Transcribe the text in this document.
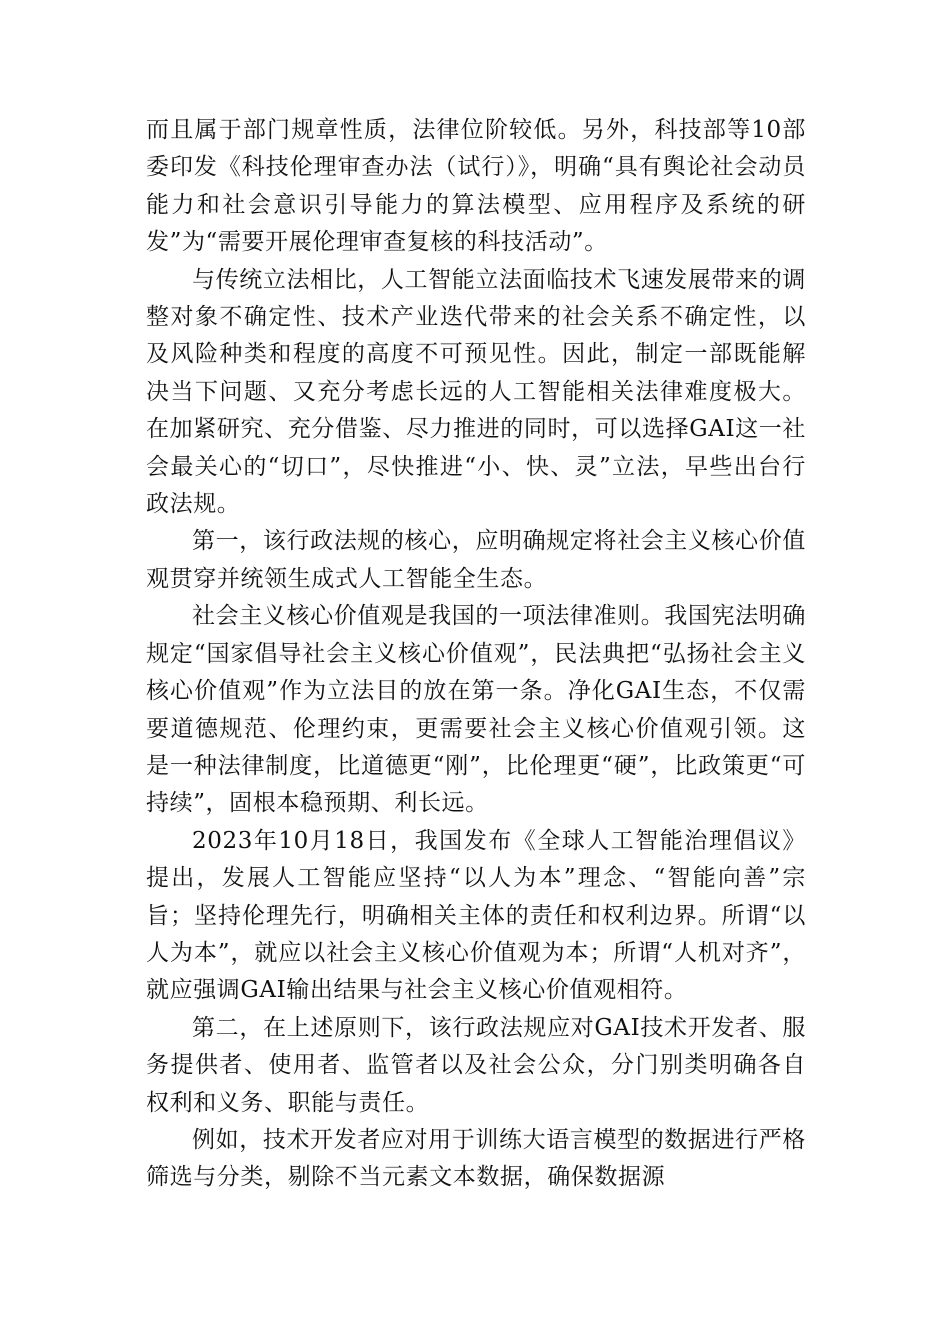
而且属于部门规章性质，法律位阶较低。另外，科技部等10部委印发《科技伦理审查办法（试行）》，明确“具有舆论社会动员能力和社会意识引导能力的算法模型、应用程序及系统的研发”为“需要开展伦理审查复核的科技活动”。

与传统立法相比，人工智能立法面临技术飞速发展带来的调整对象不确定性、技术产业迭代带来的社会关系不确定性，以及风险种类和程度的高度不可预见性。因此，制定一部既能解决当下问题、又充分考虑长远的人工智能相关法律难度极大。在加紧研究、充分借鉴、尽力推进的同时，可以选择GAI这一社会最关心的“切口”，尽快推进“小、快、灵”立法，早些出台行政法规。

第一，该行政法规的核心，应明确规定将社会主义核心价值观贯穿并统领生成式人工智能全生态。

社会主义核心价值观是我国的一项法律准则。我国宪法明确规定“国家倡导社会主义核心价值观”，民法典把“弘扬社会主义核心价值观”作为立法目的放在第一条。净化GAI生态，不仅需要道德规范、伦理约束，更需要社会主义核心价值观引领。这是一种法律制度，比道德更“刚”，比伦理更“硬”，比政策更“可持续”，固根本稳预期、利长远。

2023年10月18日，我国发布《全球人工智能治理倡议》提出，发展人工智能应坚持“以人为本”理念、“智能向善”宗旨；坚持伦理先行，明确相关主体的责任和权利边界。所谓“以人为本”，就应以社会主义核心价值观为本；所谓“人机对齐”，就应强调GAI输出结果与社会主义核心价值观相符。

第二，在上述原则下，该行政法规应对GAI技术开发者、服务提供者、使用者、监管者以及社会公众，分门别类明确各自权利和义务、职能与责任。

例如，技术开发者应对用于训练大语言模型的数据进行严格筛选与分类，剔除不当元素文本数据，确保数据源
